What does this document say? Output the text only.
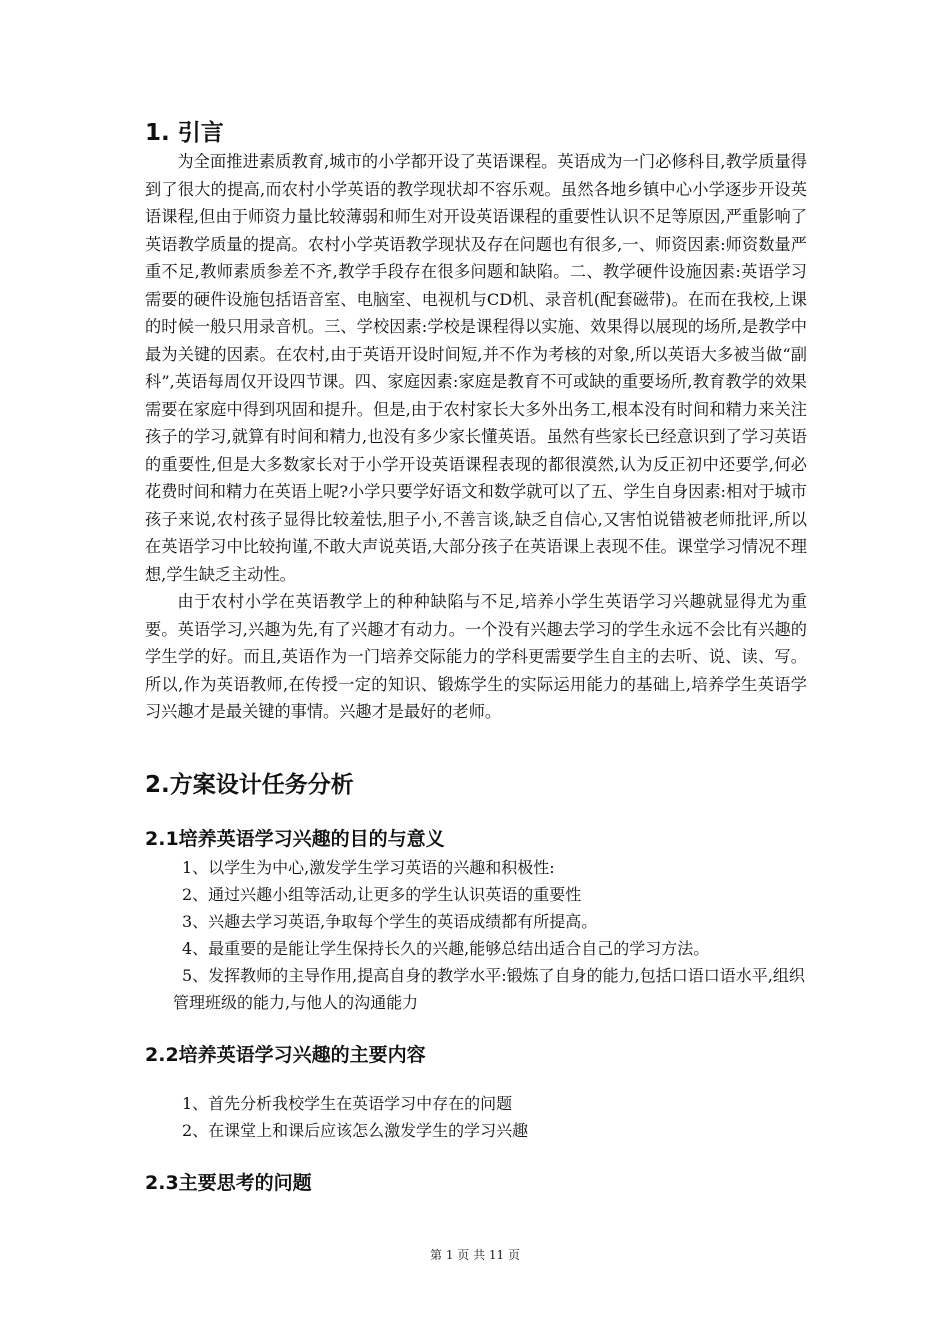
1. 引言

为全面推进素质教育,城市的小学都开设了英语课程。英语成为一门必修科目,教学质量得到了很大的提高,而农村小学英语的教学现状却不容乐观。虽然各地乡镇中心小学逐步开设英语课程,但由于师资力量比较薄弱和师生对开设英语课程的重要性认识不足等原因,严重影响了英语教学质量的提高。农村小学英语教学现状及存在问题也有很多,一、师资因素:师资数量严重不足,教师素质参差不齐,教学手段存在很多问题和缺陷。二、教学硬件设施因素:英语学习需要的硬件设施包括语音室、电脑室、电视机与CD机、录音机(配套磁带)。在而在我校,上课的时候一般只用录音机。三、学校因素:学校是课程得以实施、效果得以展现的场所,是教学中最为关键的因素。在农村,由于英语开设时间短,并不作为考核的对象,所以英语大多被当做“副科”,英语每周仅开设四节课。四、家庭因素:家庭是教育不可或缺的重要场所,教育教学的效果需要在家庭中得到巩固和提升。但是,由于农村家长大多外出务工,根本没有时间和精力来关注孩子的学习,就算有时间和精力,也没有多少家长懂英语。虽然有些家长已经意识到了学习英语的重要性,但是大多数家长对于小学开设英语课程表现的都很漠然,认为反正初中还要学,何必花费时间和精力在英语上呢?小学只要学好语文和数学就可以了五、学生自身因素:相对于城市孩子来说,农村孩子显得比较羞怯,胆子小,不善言谈,缺乏自信心,又害怕说错被老师批评,所以在英语学习中比较拘谨,不敢大声说英语,大部分孩子在英语课上表现不佳。课堂学习情况不理想,学生缺乏主动性。

由于农村小学在英语教学上的种种缺陷与不足,培养小学生英语学习兴趣就显得尤为重要。英语学习,兴趣为先,有了兴趣才有动力。一个没有兴趣去学习的学生永远不会比有兴趣的学生学的好。而且,英语作为一门培养交际能力的学科更需要学生自主的去听、说、读、写。所以,作为英语教师,在传授一定的知识、锻炼学生的实际运用能力的基础上,培养学生英语学习兴趣才是最关键的事情。兴趣才是最好的老师。

2.方案设计任务分析
2.1培养英语学习兴趣的目的与意义

1、以学生为中心,激发学生学习英语的兴趣和积极性:

2、通过兴趣小组等活动,让更多的学生认识英语的重要性

3、兴趣去学习英语,争取每个学生的英语成绩都有所提高。

4、最重要的是能让学生保持长久的兴趣,能够总结出适合自己的学习方法。

5、发挥教师的主导作用,提高自身的教学水平:锻炼了自身的能力,包括口语口语水平,组织管理班级的能力,与他人的沟通能力

2.2培养英语学习兴趣的主要内容

1、首先分析我校学生在英语学习中存在的问题

2、在课堂上和课后应该怎么激发学生的学习兴趣

2.3主要思考的问题
第 1 页 共 11 页
